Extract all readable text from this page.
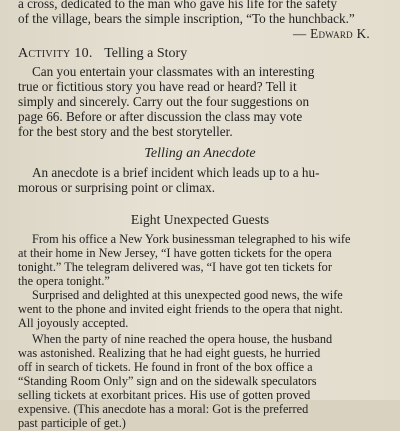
a cross, dedicated to the man who gave his life for the safety
of the village, bears the simple inscription, “To the hunchback.”
— Edward K.
Activity 10. Telling a Story
Can you entertain your classmates with an interesting
true or fictitious story you have read or heard? Tell it
simply and sincerely. Carry out the four suggestions on
page 66. Before or after discussion the class may vote
for the best story and the best storyteller.
Telling an Anecdote
An anecdote is a brief incident which leads up to a hu-
morous or surprising point or climax.
Eight Unexpected Guests
From his office a New York businessman telegraphed to his wife
at their home in New Jersey, “I have gotten tickets for the opera
tonight.” The telegram delivered was, “I have got ten tickets for
the opera tonight.”
Surprised and delighted at this unexpected good news, the wife
went to the phone and invited eight friends to the opera that night.
All joyously accepted.
When the party of nine reached the opera house, the husband
was astonished. Realizing that he had eight guests, he hurried
off in search of tickets. He found in front of the box office a
“Standing Room Only” sign and on the sidewalk speculators
selling tickets at exorbitant prices. His use of gotten proved
expensive. (This anecdote has a moral: Got is the preferred
past participle of get.)
